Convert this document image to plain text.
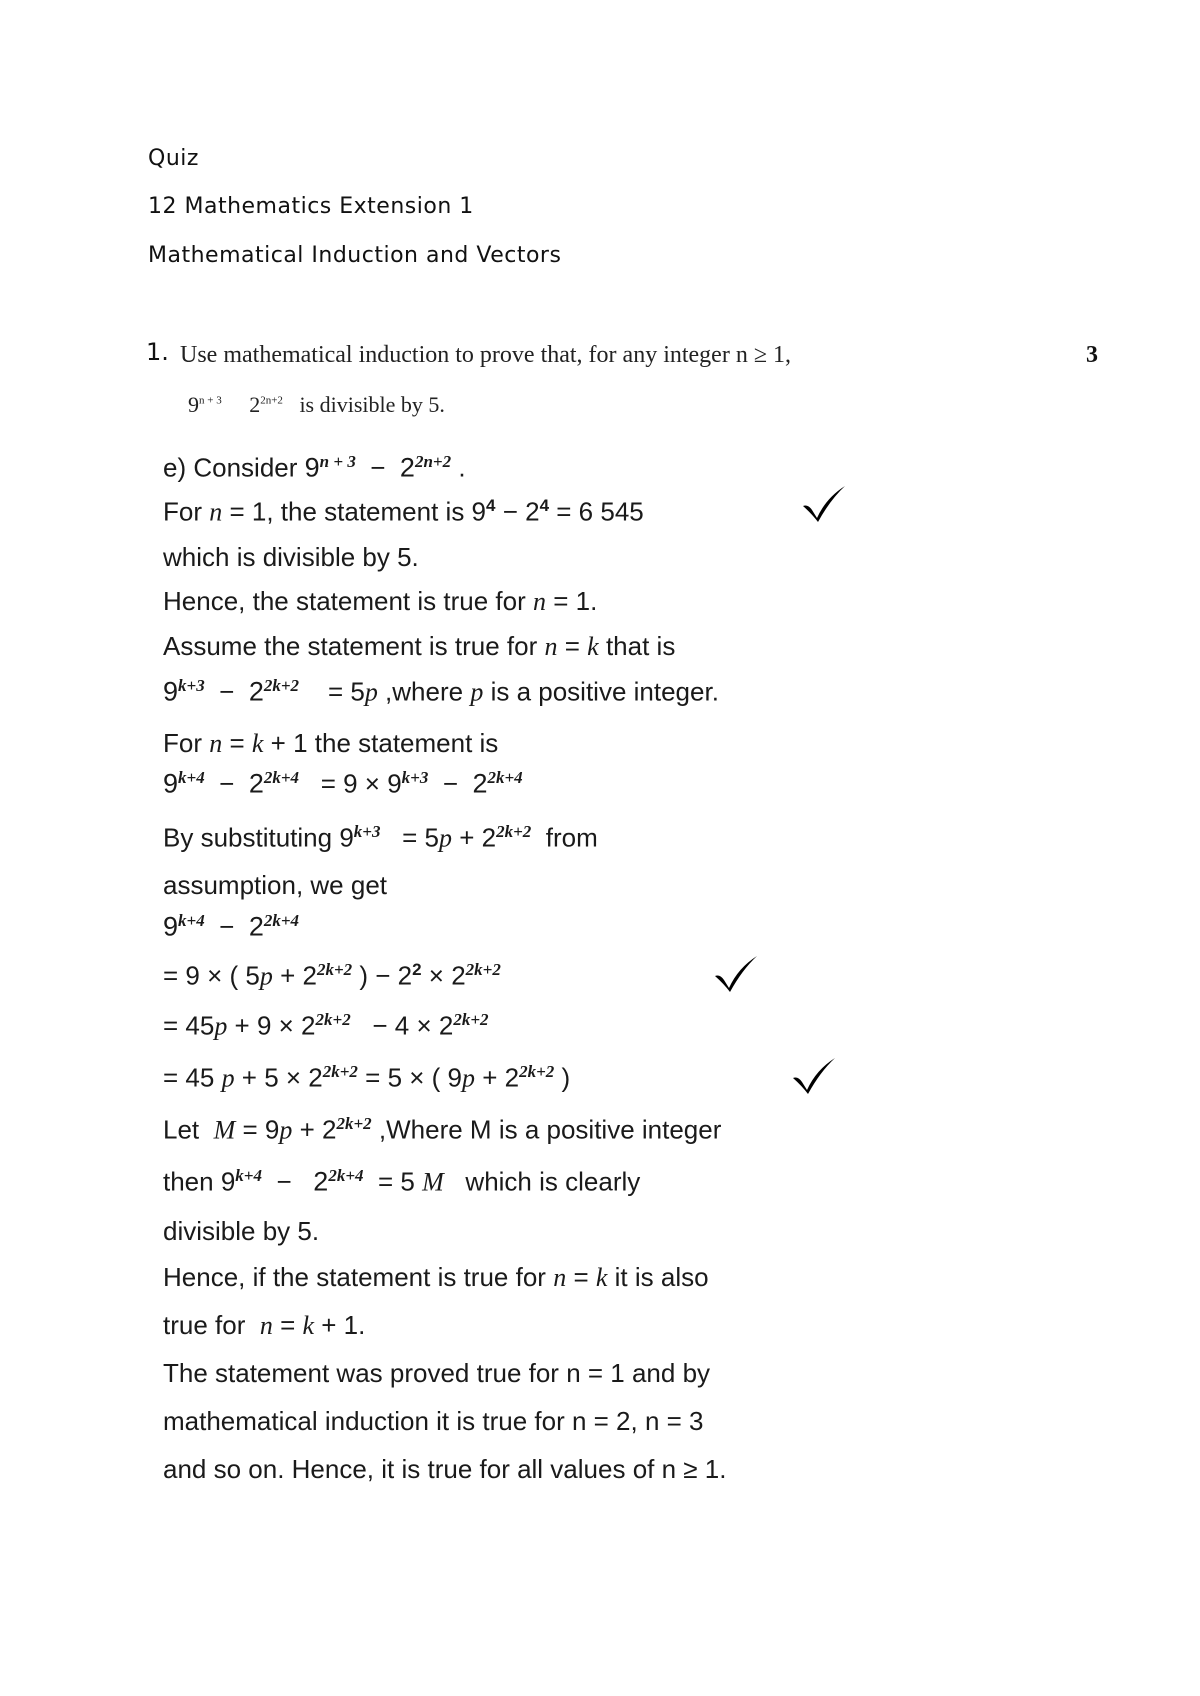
Quiz
12 Mathematics Extension 1
Mathematical Induction and Vectors
1. Use mathematical induction to prove that, for any integer n ≥ 1,	3
$9^{n + 3}$ $2^{2n+2}$ is divisible by 5.
e) Consider $9^{n + 3} - 2^{2n+2}$ .
For n = 1, the statement is $9^4 - 2^4 = 6$ 545
which is divisible by 5.
Hence, the statement is true for n = 1.
Assume the statement is true for n = k that is
$9^{k+3} - 2^{2k+2} = 5p$ ,where p is a positive integer.
For n = k + 1 the statement is
$9^{k+4} - 2^{2k+4} = 9 \times 9^{k+3} - 2^{2k+4}$
By substituting $9^{k+3} = 5p + 2^{2k+2}$ from
assumption, we get
$9^{k+4} - 2^{2k+4}$
= 9 × ( $5p + 2^{2k+2}$ ) − $2^2 \times 2^{2k+2}$
= $45p + 9 \times 2^{2k+2} - 4 \times 2^{2k+2}$
= 45 $p + 5 \times 2^{2k+2} = 5$ × ( $9p + 2^{2k+2}$ )
Let $M = 9p + 2^{2k+2}$ ,Where M is a positive integer
then $9^{k+4} - 2^{2k+4} = 5$ M which is clearly
divisible by 5.
Hence, if the statement is true for n = k it is also
true for n = k + 1.
The statement was proved true for n = 1 and by
mathematical induction it is true for n = 2, n = 3
and so on. Hence, it is true for all values of n ≥ 1.
